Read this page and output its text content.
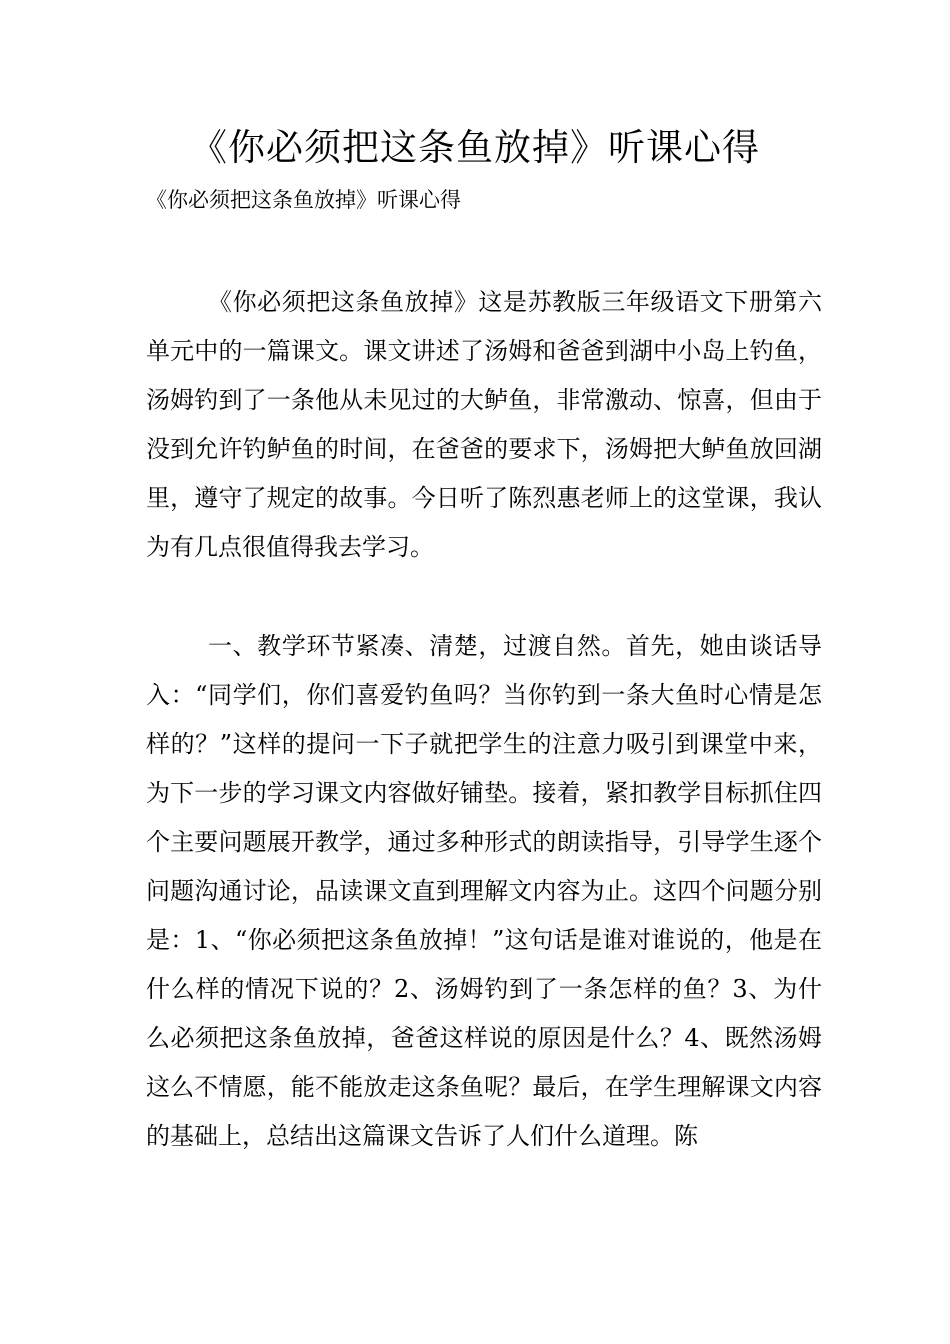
《你必须把这条鱼放掉》听课心得

《你必须把这条鱼放掉》听课心得

《你必须把这条鱼放掉》这是苏教版三年级语文下册第六单元中的一篇课文。课文讲述了汤姆和爸爸到湖中小岛上钓鱼，汤姆钓到了一条他从未见过的大鲈鱼，非常激动、惊喜，但由于没到允许钓鲈鱼的时间，在爸爸的要求下，汤姆把大鲈鱼放回湖里，遵守了规定的故事。今日听了陈烈惠老师上的这堂课，我认为有几点很值得我去学习。

一、教学环节紧凑、清楚，过渡自然。首先，她由谈话导入：“同学们，你们喜爱钓鱼吗？当你钓到一条大鱼时心情是怎样的？”这样的提问一下子就把学生的注意力吸引到课堂中来，为下一步的学习课文内容做好铺垫。接着，紧扣教学目标抓住四个主要问题展开教学，通过多种形式的朗读指导，引导学生逐个问题沟通讨论，品读课文直到理解文内容为止。这四个问题分别是：1、“你必须把这条鱼放掉！”这句话是谁对谁说的，他是在什么样的情况下说的？2、汤姆钓到了一条怎样的鱼？3、为什么必须把这条鱼放掉，爸爸这样说的原因是什么？4、既然汤姆这么不情愿，能不能放走这条鱼呢？最后，在学生理解课文内容的基础上，总结出这篇课文告诉了人们什么道理。陈
